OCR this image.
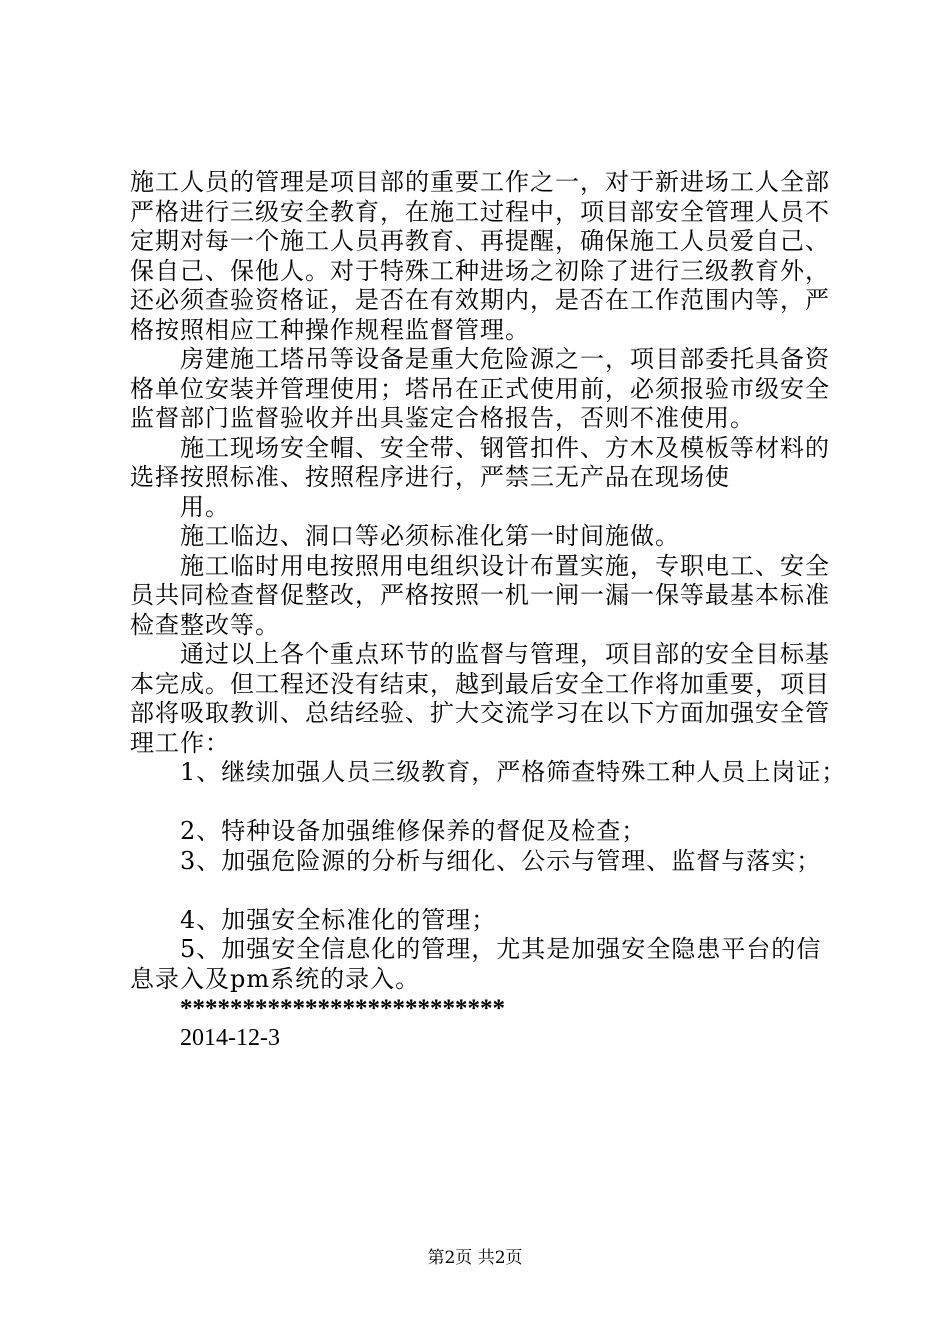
施工人员的管理是项目部的重要工作之一，对于新进场工人全部严格进行三级安全教育，在施工过程中，项目部安全管理人员不定期对每一个施工人员再教育、再提醒，确保施工人员爱自己、保自己、保他人。对于特殊工种进场之初除了进行三级教育外，还必须查验资格证，是否在有效期内，是否在工作范围内等，严格按照相应工种操作规程监督管理。

房建施工塔吊等设备是重大危险源之一，项目部委托具备资格单位安装并管理使用；塔吊在正式使用前，必须报验市级安全监督部门监督验收并出具鉴定合格报告，否则不准使用。

施工现场安全帽、安全带、钢管扣件、方木及模板等材料的选择按照标准、按照程序进行，严禁三无产品在现场使

用。

施工临边、洞口等必须标准化第一时间施做。

施工临时用电按照用电组织设计布置实施，专职电工、安全员共同检查督促整改，严格按照一机一闸一漏一保等最基本标准检查整改等。

通过以上各个重点环节的监督与管理，项目部的安全目标基本完成。但工程还没有结束，越到最后安全工作将加重要，项目部将吸取教训、总结经验、扩大交流学习在以下方面加强安全管理工作：

1、继续加强人员三级教育，严格筛查特殊工种人员上岗证；

2、特种设备加强维修保养的督促及检查；

3、加强危险源的分析与细化、公示与管理、监督与落实；

4、加强安全标准化的管理；

5、加强安全信息化的管理，尤其是加强安全隐患平台的信息录入及pm系统的录入。

**************************

2014-12-3

第2页 共2页
